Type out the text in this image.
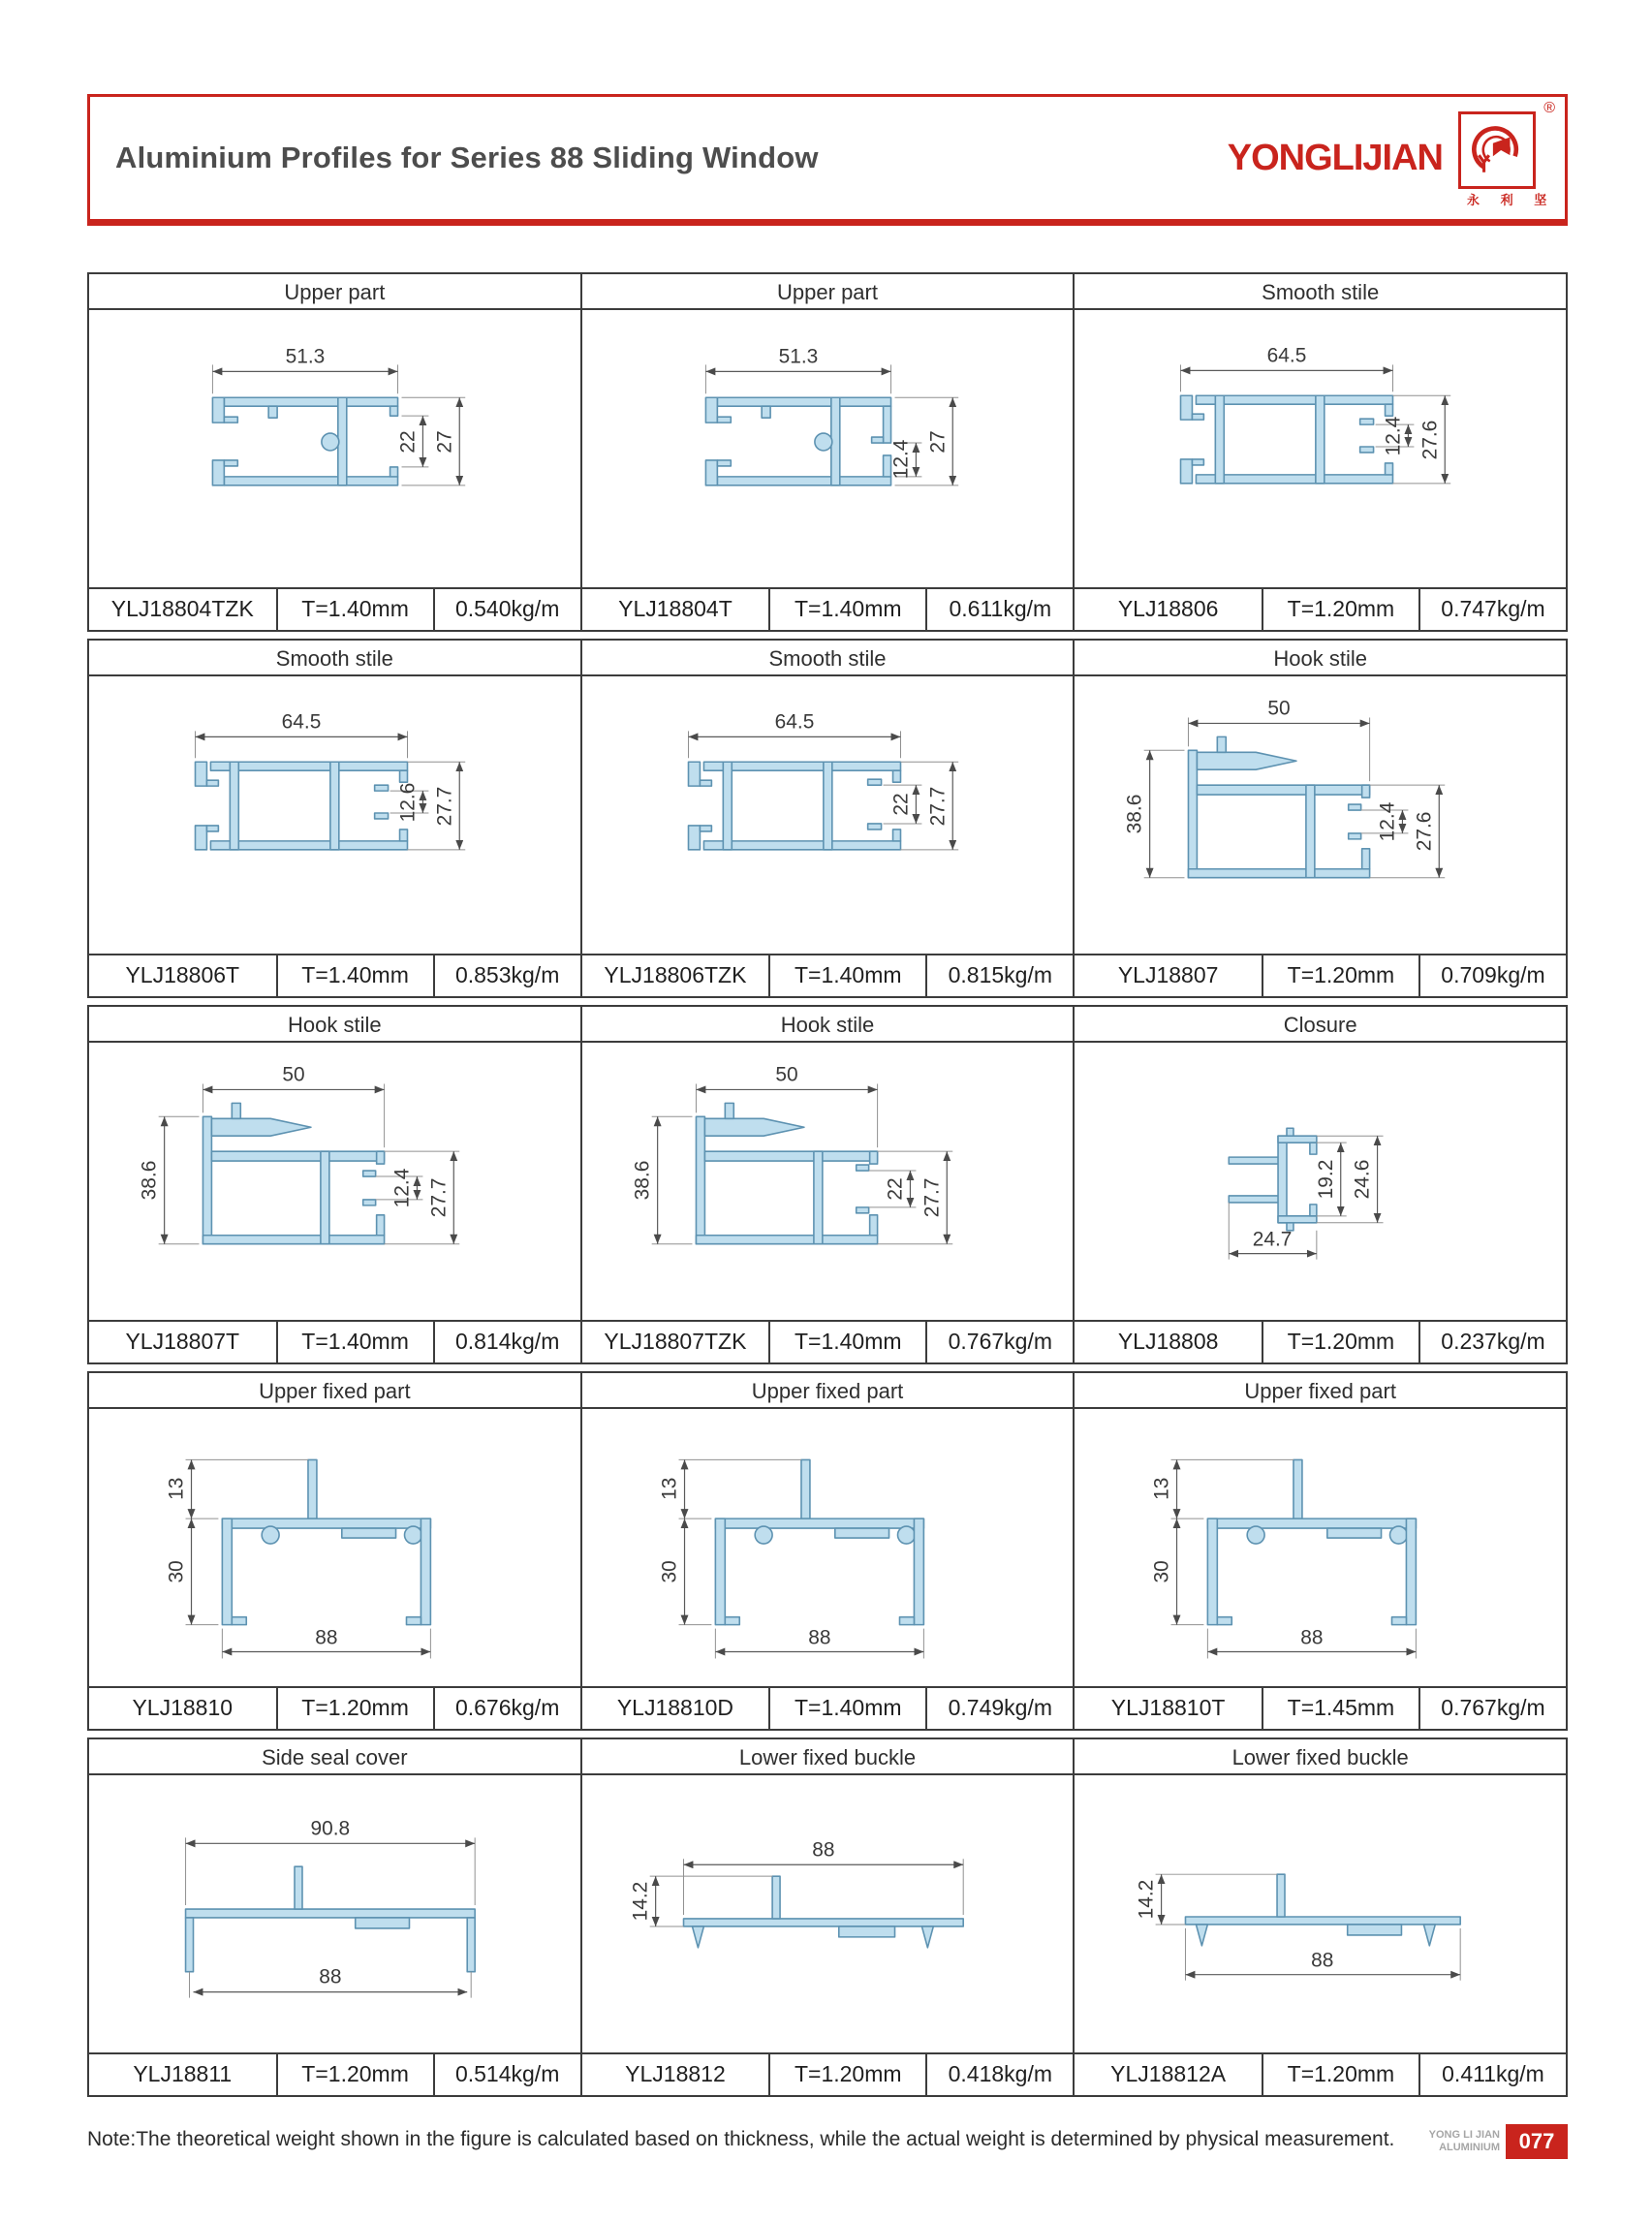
Aluminium Profiles for Series 88 Sliding Window	YONGLIJIAN
®
永 利 坚
Upper part
51.3
22 27
YLJ18804TZK	T=1.40mm	0.540kg/m
Upper part
51.3
12.4 27
YLJ18804T	T=1.40mm	0.611kg/m
Smooth stile
64.5
12.4 27.6
YLJ18806	T=1.20mm	0.747kg/m
Smooth stile
64.5
12.6 27.7
YLJ18806T	T=1.40mm	0.853kg/m
Smooth stile
64.5
22 27.7
YLJ18806TZK	T=1.40mm	0.815kg/m
Hook stile
50
38.6	12.4 27.6
YLJ18807	T=1.20mm	0.709kg/m
Hook stile
50
38.6	12.4 27.7
YLJ18807T	T=1.40mm	0.814kg/m
Hook stile
50
38.6	22 27.7
YLJ18807TZK	T=1.40mm	0.767kg/m
Closure
19.2 24.6
24.7
YLJ18808	T=1.20mm	0.237kg/m
Upper fixed part
13
30
88
YLJ18810	T=1.20mm	0.676kg/m
Upper fixed part
13
30
88
YLJ18810D	T=1.40mm	0.749kg/m
Upper fixed part
13
30
88
YLJ18810T	T=1.45mm	0.767kg/m
Side seal cover
90.8
88
YLJ18811	T=1.20mm	0.514kg/m
Lower fixed buckle
88
14.2
YLJ18812	T=1.20mm	0.418kg/m
Lower fixed buckle
14.2
88
YLJ18812A	T=1.20mm	0.411kg/m
Note:The theoretical weight shown in the figure is calculated based on thickness, while the actual weight is determined by physical measurement.	YONG LI JIAN
ALUMINIUM 077
